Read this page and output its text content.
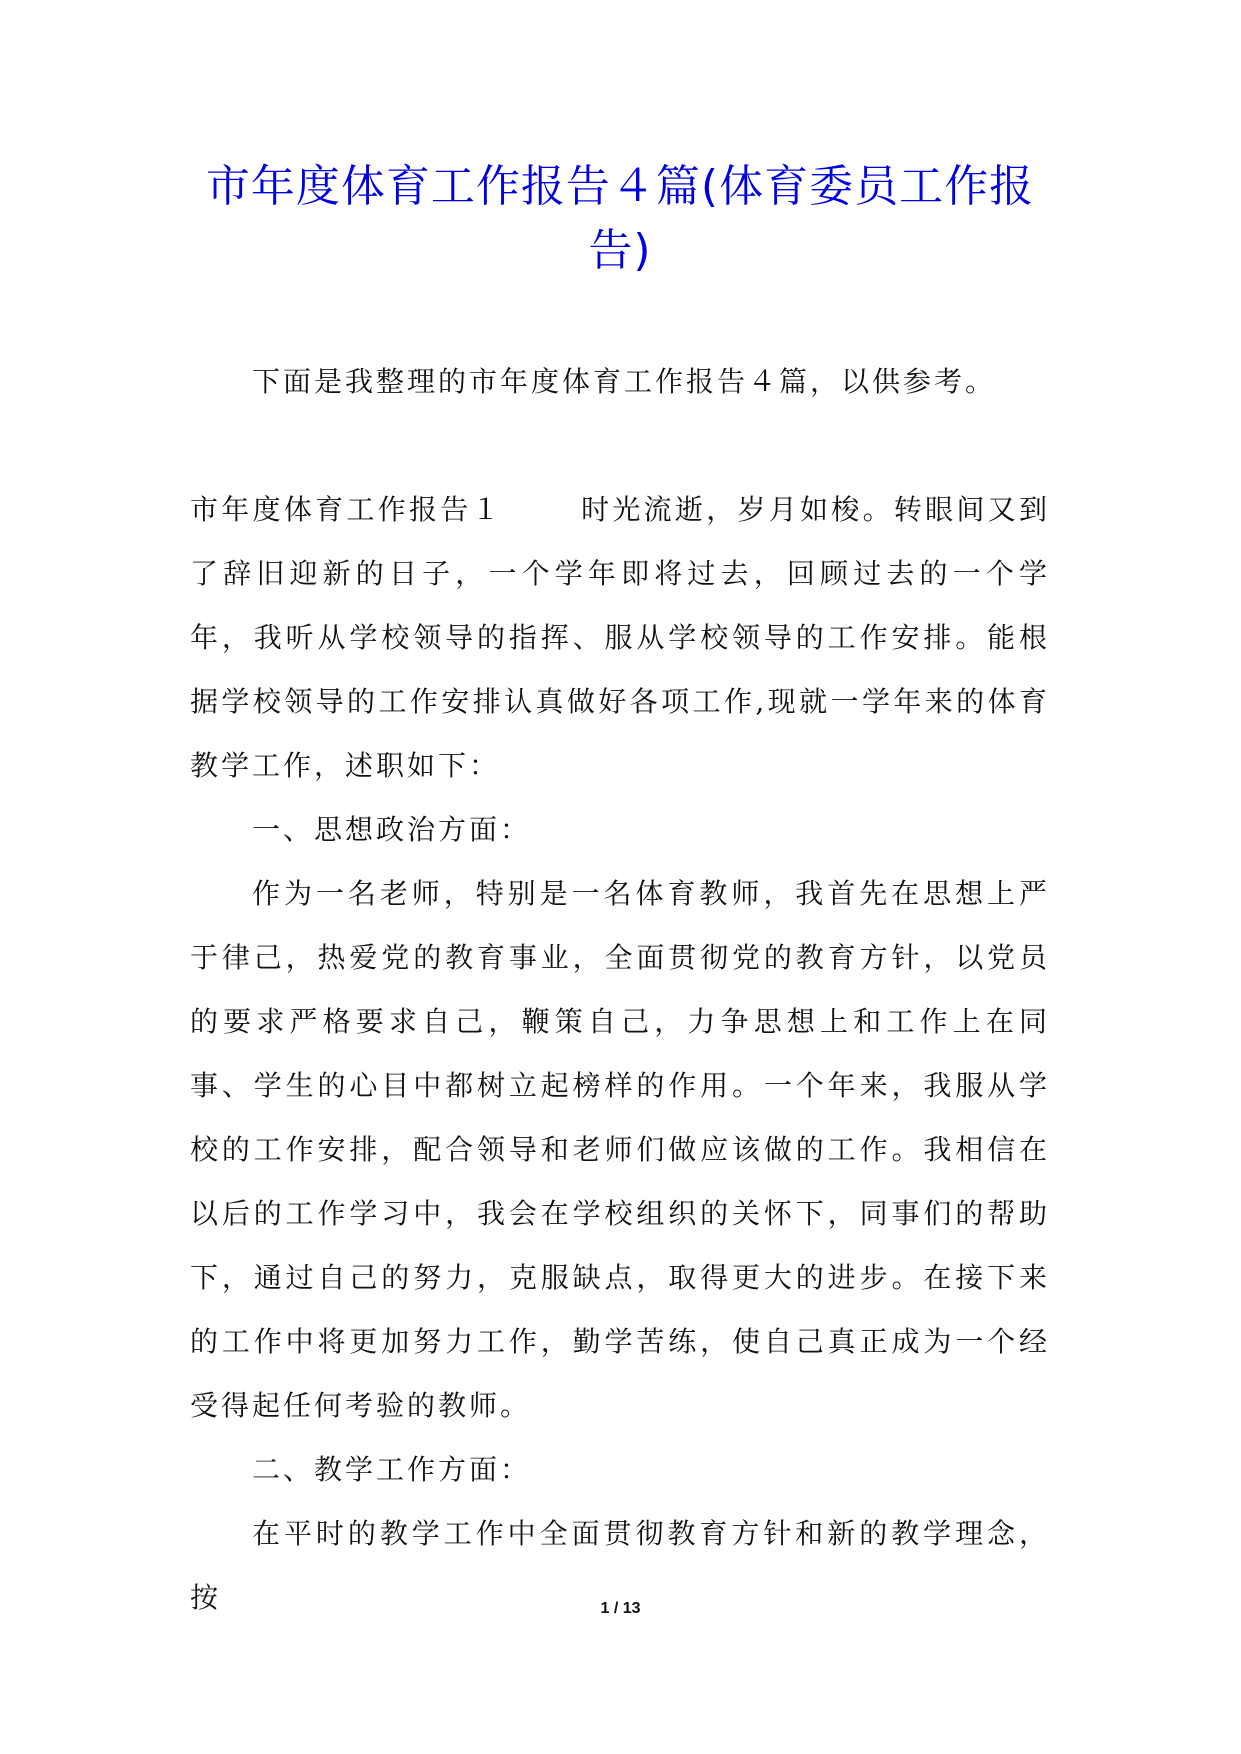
市年度体育工作报告４篇(体育委员工作报告)

下面是我整理的市年度体育工作报告４篇，以供参考。

市年度体育工作报告１	时光流逝，岁月如梭。转眼间又到了辞旧迎新的日子，一个学年即将过去，回顾过去的一个学年，我听从学校领导的指挥、服从学校领导的工作安排。能根据学校领导的工作安排认真做好各项工作,现就一学年来的体育教学工作，述职如下：

一、思想政治方面：

作为一名老师，特别是一名体育教师，我首先在思想上严于律己，热爱党的教育事业，全面贯彻党的教育方针，以党员的要求严格要求自己，鞭策自己，力争思想上和工作上在同事、学生的心目中都树立起榜样的作用。一个年来，我服从学校的工作安排，配合领导和老师们做应该做的工作。我相信在以后的工作学习中，我会在学校组织的关怀下，同事们的帮助下，通过自己的努力，克服缺点，取得更大的进步。在接下来的工作中将更加努力工作，勤学苦练，使自己真正成为一个经受得起任何考验的教师。

二、教学工作方面：

在平时的教学工作中全面贯彻教育方针和新的教学理念，按	1 / 13
